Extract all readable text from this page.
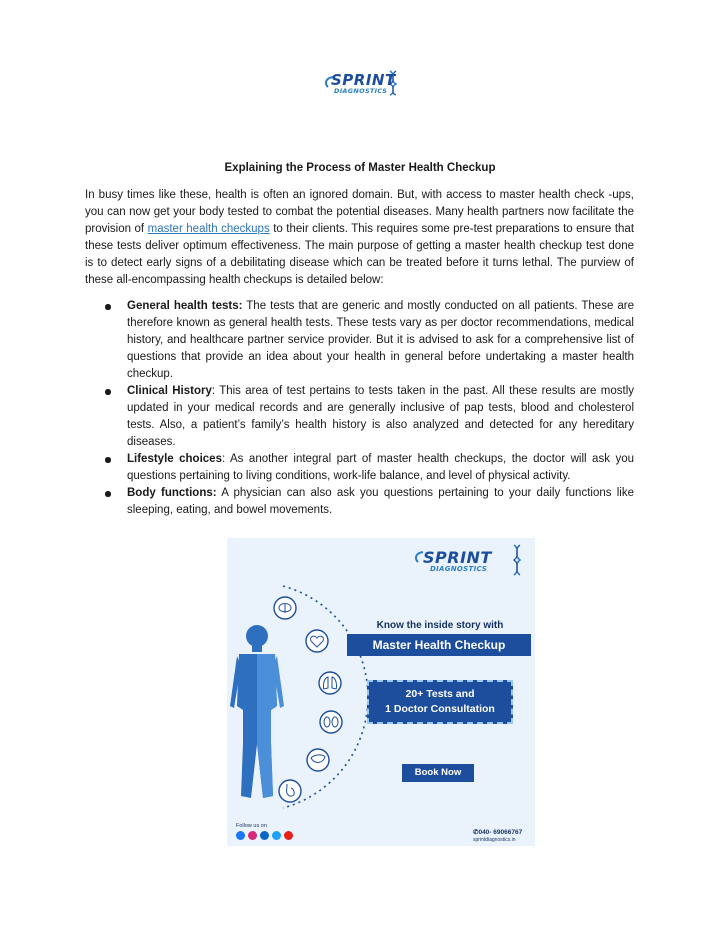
SPRINT
DIAGNOSTICS
Explaining the Process of Master Health Checkup

In busy times like these, health is often an ignored domain. But, with access to master health check -ups, you can now get your body tested to combat the potential diseases. Many health partners now facilitate the provision of master health checkups to their clients. This requires some pre-test preparations to ensure that these tests deliver optimum effectiveness. The main purpose of getting a master health checkup test done is to detect early signs of a debilitating disease which can be treated before it turns lethal. The purview of these all-encompassing health checkups is detailed below:

General health tests: The tests that are generic and mostly conducted on all patients. These are therefore known as general health tests. These tests vary as per doctor recommendations, medical history, and healthcare partner service provider. But it is advised to ask for a comprehensive list of questions that provide an idea about your health in general before undertaking a master health checkup.
Clinical History: This area of test pertains to tests taken in the past. All these results are mostly updated in your medical records and are generally inclusive of pap tests, blood and cholesterol tests. Also, a patient’s family’s health history is also analyzed and detected for any hereditary diseases.
Lifestyle choices: As another integral part of master health checkups, the doctor will ask you questions pertaining to living conditions, work-life balance, and level of physical activity.
Body functions: A physician can also ask you questions pertaining to your daily functions like sleeping, eating, and bowel movements.
SPRINT
DIAGNOSTICS
Know the inside story with
Master Health Checkup
20+ Tests and
1 Doctor Consultation
Book Now
Follow us on
✆040- 69066767
sprintdiagnostics.in
